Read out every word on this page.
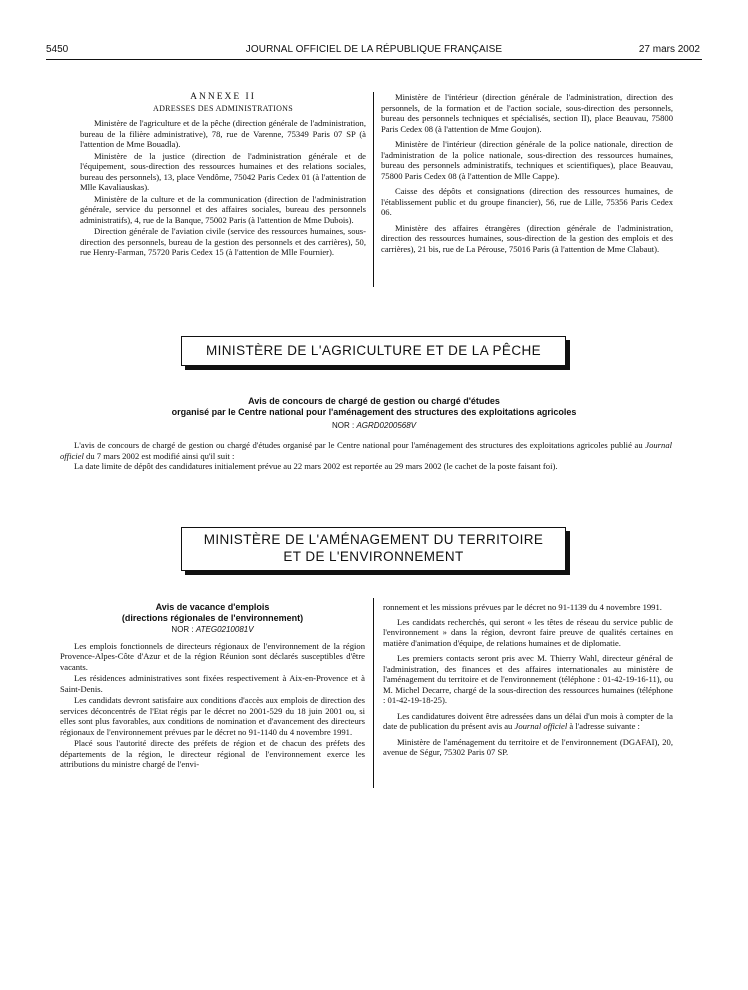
5450	JOURNAL OFFICIEL DE LA RÉPUBLIQUE FRANÇAISE	27 mars 2002

ANNEXE II

ADRESSES DES ADMINISTRATIONS

Ministère de l'agriculture et de la pêche (direction générale de l'administration, bureau de la filière administrative), 78, rue de Varenne, 75349 Paris 07 SP (à l'attention de Mme Bouadla).

Ministère de la justice (direction de l'administration générale et de l'équipement, sous-direction des ressources humaines et des relations sociales, bureau des personnels), 13, place Vendôme, 75042 Paris Cedex 01 (à l'attention de Mlle Kavaliauskas).

Ministère de la culture et de la communication (direction de l'administration générale, service du personnel et des affaires sociales, bureau des personnels administratifs), 4, rue de la Banque, 75002 Paris (à l'attention de Mme Dubois).

Direction générale de l'aviation civile (service des ressources humaines, sous-direction des personnels, bureau de la gestion des personnels et des carrières), 50, rue Henry-Farman, 75720 Paris Cedex 15 (à l'attention de Mlle Fournier).

Ministère de l'intérieur (direction générale de l'administration, direction des personnels, de la formation et de l'action sociale, sous-direction des personnels, bureau des personnels techniques et spécialisés, section II), place Beauvau, 75800 Paris Cedex 08 (à l'attention de Mme Goujon).

Ministère de l'intérieur (direction générale de la police nationale, direction de l'administration de la police nationale, sous-direction des ressources humaines, bureau des personnels administratifs, techniques et scientifiques), place Beauvau, 75800 Paris Cedex 08 (à l'attention de Mlle Cappe).

Caisse des dépôts et consignations (direction des ressources humaines, de l'établissement public et du groupe financier), 56, rue de Lille, 75356 Paris Cedex 06.

Ministère des affaires étrangères (direction générale de l'administration, direction des ressources humaines, sous-direction de la gestion des emplois et des carrières), 21 bis, rue de La Pérouse, 75016 Paris (à l'attention de Mme Clabaut).

MINISTÈRE DE L'AGRICULTURE ET DE LA PÊCHE
Avis de concours de chargé de gestion ou chargé d'études
organisé par le Centre national pour l'aménagement des structures des exploitations agricoles
NOR : AGRD0200568V

L'avis de concours de chargé de gestion ou chargé d'études organisé par le Centre national pour l'aménagement des structures des exploitations agricoles publié au Journal officiel du 7 mars 2002 est modifié ainsi qu'il suit :

La date limite de dépôt des candidatures initialement prévue au 22 mars 2002 est reportée au 29 mars 2002 (le cachet de la poste faisant foi).

MINISTÈRE DE L'AMÉNAGEMENT DU TERRITOIRE
ET DE L'ENVIRONNEMENT
Avis de vacance d'emplois
(directions régionales de l'environnement)
NOR : ATEG0210081V

Les emplois fonctionnels de directeurs régionaux de l'environnement de la région Provence-Alpes-Côte d'Azur et de la région Réunion sont déclarés susceptibles d'être vacants.

Les résidences administratives sont fixées respectivement à Aix-en-Provence et à Saint-Denis.

Les candidats devront satisfaire aux conditions d'accès aux emplois de direction des services déconcentrés de l'Etat régis par le décret no 2001-529 du 18 juin 2001 ou, si elles sont plus favorables, aux conditions de nomination et d'avancement des directeurs régionaux de l'environnement prévues par le décret no 91-1140 du 4 novembre 1991.

Placé sous l'autorité directe des préfets de région et de chacun des préfets des départements de la région, le directeur régional de l'environnement exerce les attributions du ministre chargé de l'envi-

ronnement et les missions prévues par le décret no 91-1139 du 4 novembre 1991.

Les candidats recherchés, qui seront « les têtes de réseau du service public de l'environnement » dans la région, devront faire preuve de qualités certaines en matière d'animation d'équipe, de relations humaines et de diplomatie.

Les premiers contacts seront pris avec M. Thierry Wahl, directeur général de l'administration, des finances et des affaires internationales au ministère de l'aménagement du territoire et de l'environnement (téléphone : 01-42-19-16-11), ou M. Michel Decarre, chargé de la sous-direction des ressources humaines (téléphone : 01-42-19-18-25).

Les candidatures doivent être adressées dans un délai d'un mois à compter de la date de publication du présent avis au Journal officiel à l'adresse suivante :

Ministère de l'aménagement du territoire et de l'environnement (DGAFAI), 20, avenue de Ségur, 75302 Paris 07 SP.
